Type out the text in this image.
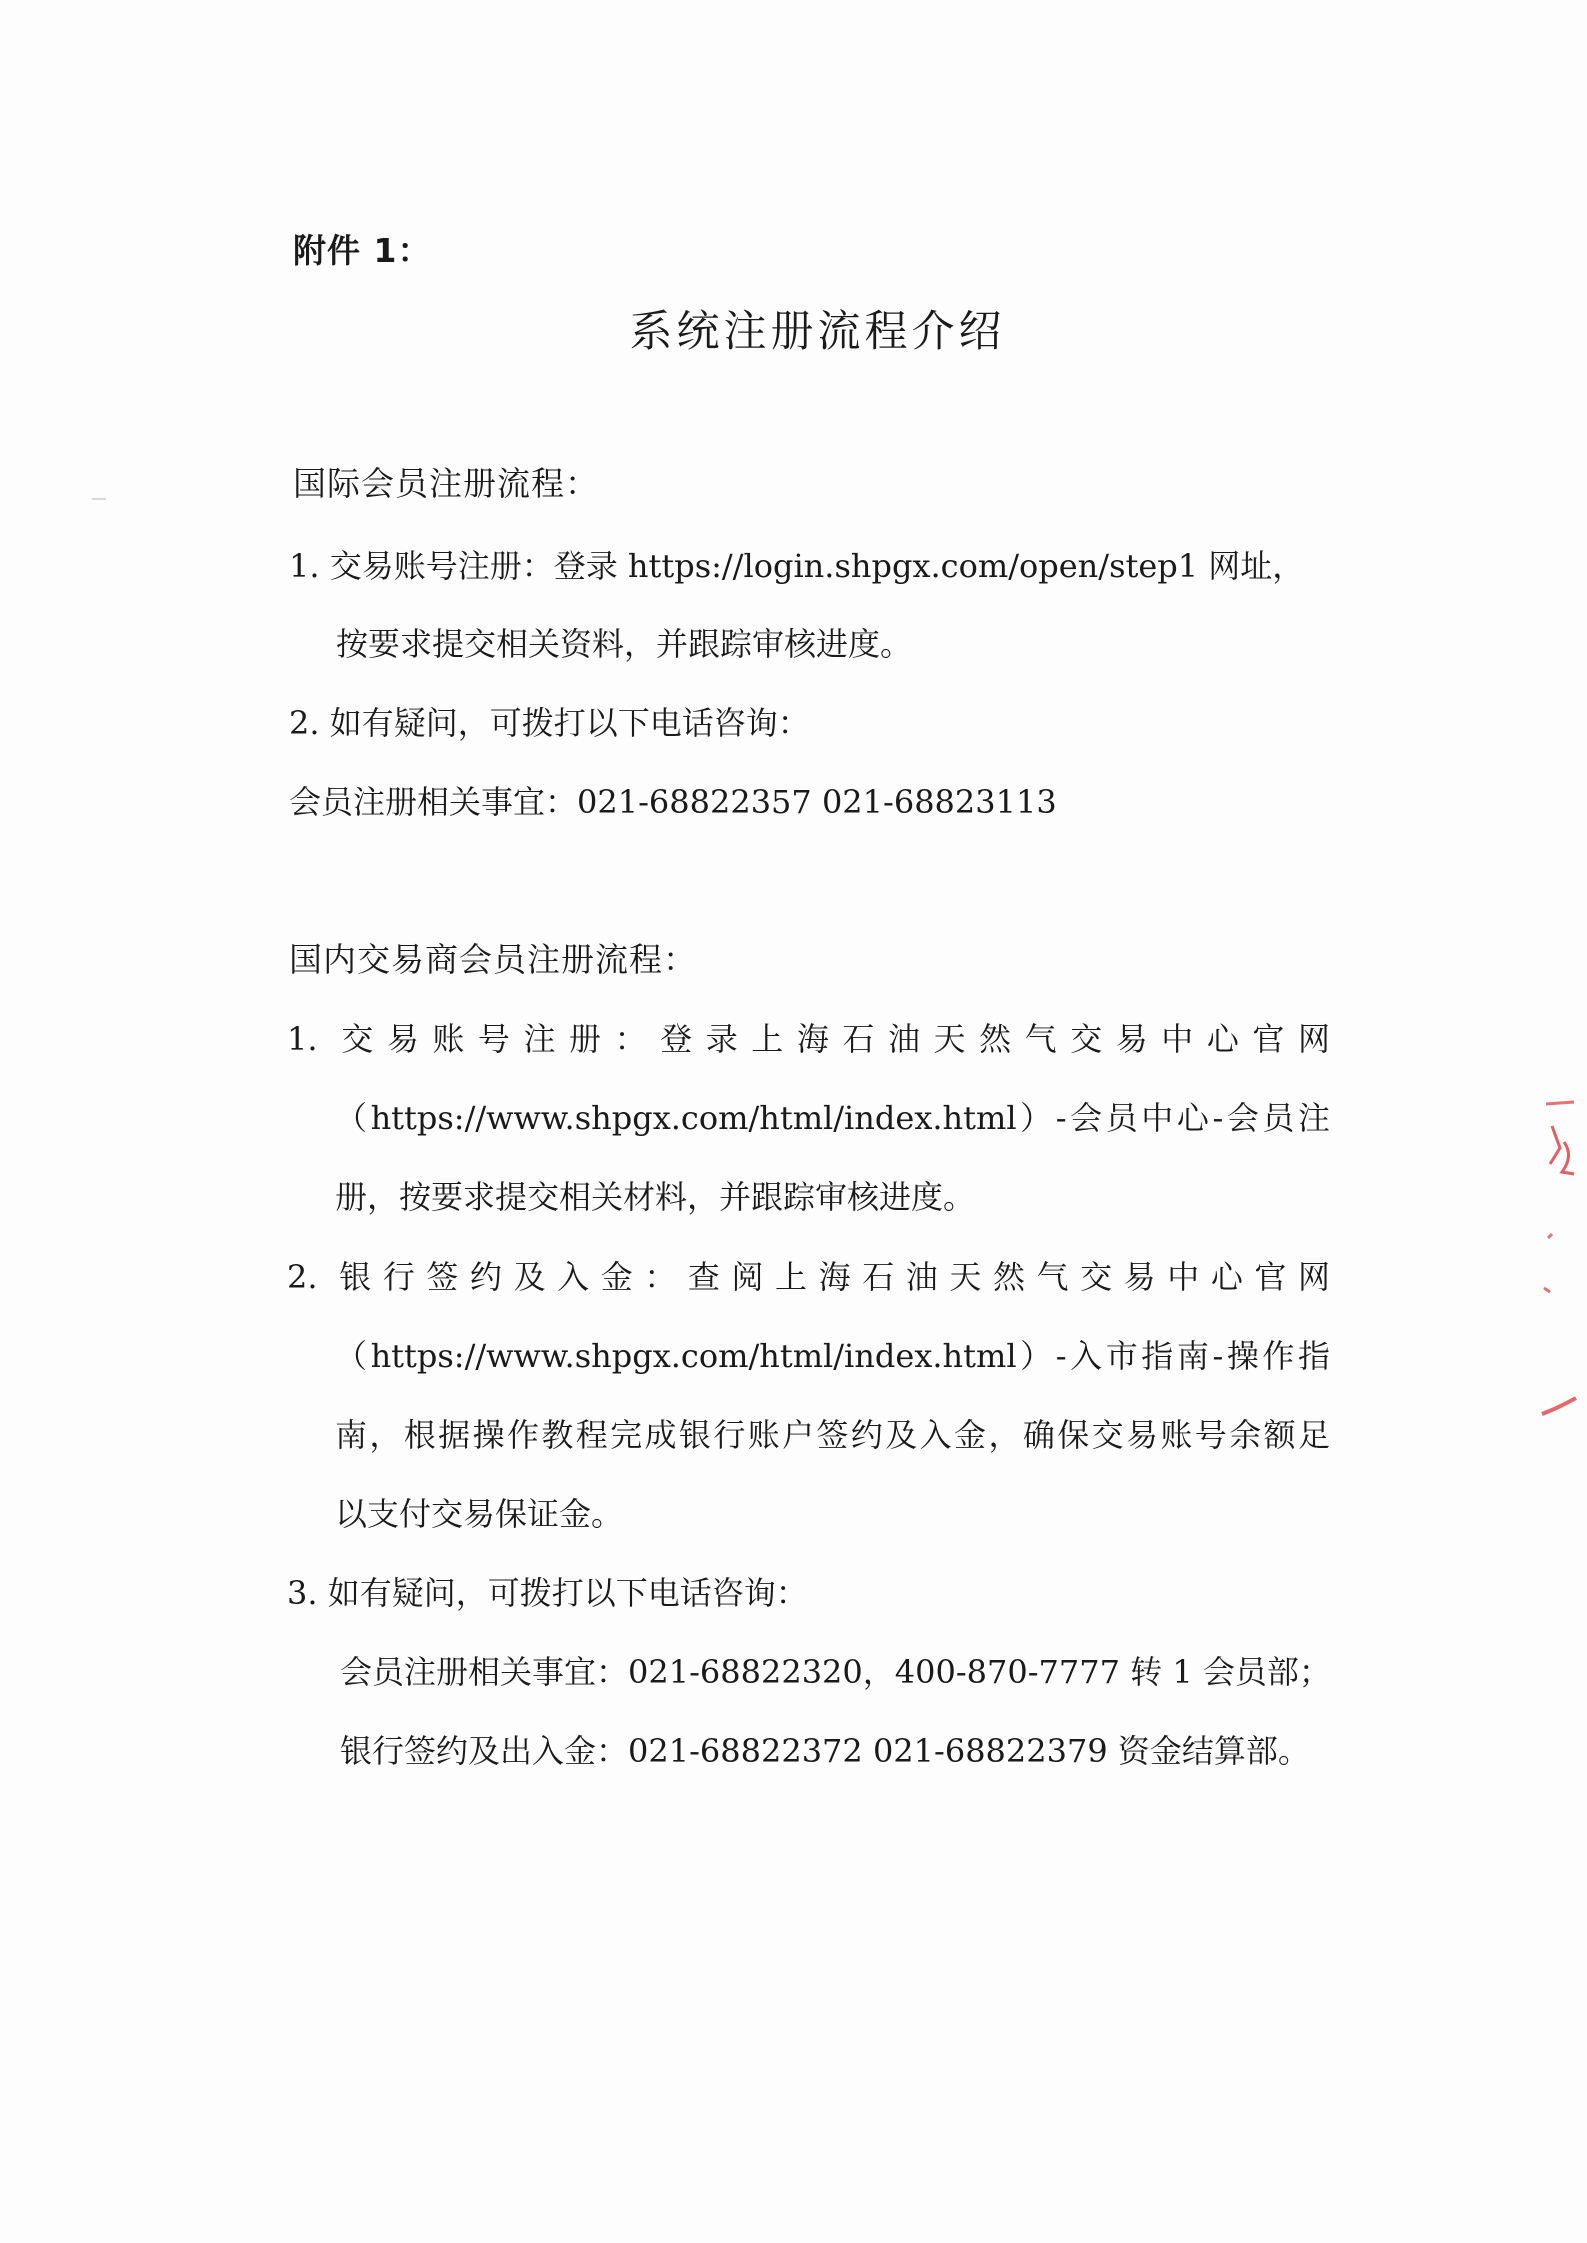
附件 1：
系统注册流程介绍
国际会员注册流程：
1. 交易账号注册：登录 https://login.shpgx.com/open/step1 网址，
按要求提交相关资料，并跟踪审核进度。
2. 如有疑问，可拨打以下电话咨询：
会员注册相关事宜：021-68822357 021-68823113
国内交易商会员注册流程：
1. 交易账号注册：登录上海石油天然气交易中心官网
（https://www.shpgx.com/html/index.html）-会员中心-会员注
册，按要求提交相关材料，并跟踪审核进度。
2. 银行签约及入金：查阅上海石油天然气交易中心官网
（https://www.shpgx.com/html/index.html）-入市指南-操作指
南，根据操作教程完成银行账户签约及入金，确保交易账号余额足
以支付交易保证金。
3. 如有疑问，可拨打以下电话咨询：
会员注册相关事宜：021-68822320，400-870-7777 转 1 会员部；
银行签约及出入金：021-68822372 021-68822379 资金结算部。
